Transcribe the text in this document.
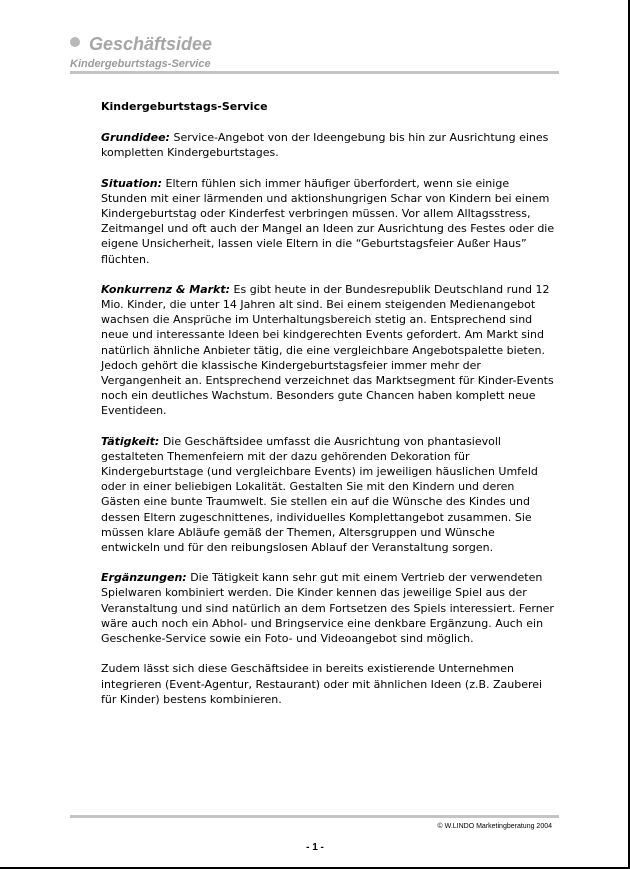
Geschäftsidee
Kindergeburtstags-Service

Kindergeburtstags-Service

Grundidee: Service-Angebot von der Ideengebung bis hin zur Ausrichtung eines kompletten Kindergeburtstages.

Situation: Eltern fühlen sich immer häufiger überfordert, wenn sie einige Stunden mit einer lärmenden und aktionshungrigen Schar von Kindern bei einem Kindergeburtstag oder Kinderfest verbringen müssen. Vor allem Alltagsstress, Zeitmangel und oft auch der Mangel an Ideen zur Ausrichtung des Festes oder die eigene Unsicherheit, lassen viele Eltern in die “Geburtstagsfeier Außer Haus” flüchten.

Konkurrenz & Markt: Es gibt heute in der Bundesrepublik Deutschland rund 12 Mio. Kinder, die unter 14 Jahren alt sind. Bei einem steigenden Medienangebot wachsen die Ansprüche im Unterhaltungsbereich stetig an. Entsprechend sind neue und interessante Ideen bei kindgerechten Events gefordert. Am Markt sind natürlich ähnliche Anbieter tätig, die eine vergleichbare Angebotspalette bieten. Jedoch gehört die klassische Kindergeburtstagsfeier immer mehr der Vergangenheit an. Entsprechend verzeichnet das Marktsegment für Kinder-Events noch ein deutliches Wachstum. Besonders gute Chancen haben komplett neue Eventideen.

Tätigkeit: Die Geschäftsidee umfasst die Ausrichtung von phantasievoll gestalteten Themenfeiern mit der dazu gehörenden Dekoration für Kindergeburtstage (und vergleichbare Events) im jeweiligen häuslichen Umfeld oder in einer beliebigen Lokalität. Gestalten Sie mit den Kindern und deren Gästen eine bunte Traumwelt. Sie stellen ein auf die Wünsche des Kindes und dessen Eltern zugeschnittenes, individuelles Komplettangebot zusammen. Sie müssen klare Abläufe gemäß der Themen, Altersgruppen und Wünsche entwickeln und für den reibungslosen Ablauf der Veranstaltung sorgen.

Ergänzungen: Die Tätigkeit kann sehr gut mit einem Vertrieb der verwendeten Spielwaren kombiniert werden. Die Kinder kennen das jeweilige Spiel aus der Veranstaltung und sind natürlich an dem Fortsetzen des Spiels interessiert. Ferner wäre auch noch ein Abhol- und Bringservice eine denkbare Ergänzung. Auch ein Geschenke-Service sowie ein Foto- und Videoangebot sind möglich.

Zudem lässt sich diese Geschäftsidee in bereits existierende Unternehmen integrieren (Event-Agentur, Restaurant) oder mit ähnlichen Ideen (z.B. Zauberei für Kinder) bestens kombinieren.

© W.LINDO Marketingberatung 2004
- 1 -
